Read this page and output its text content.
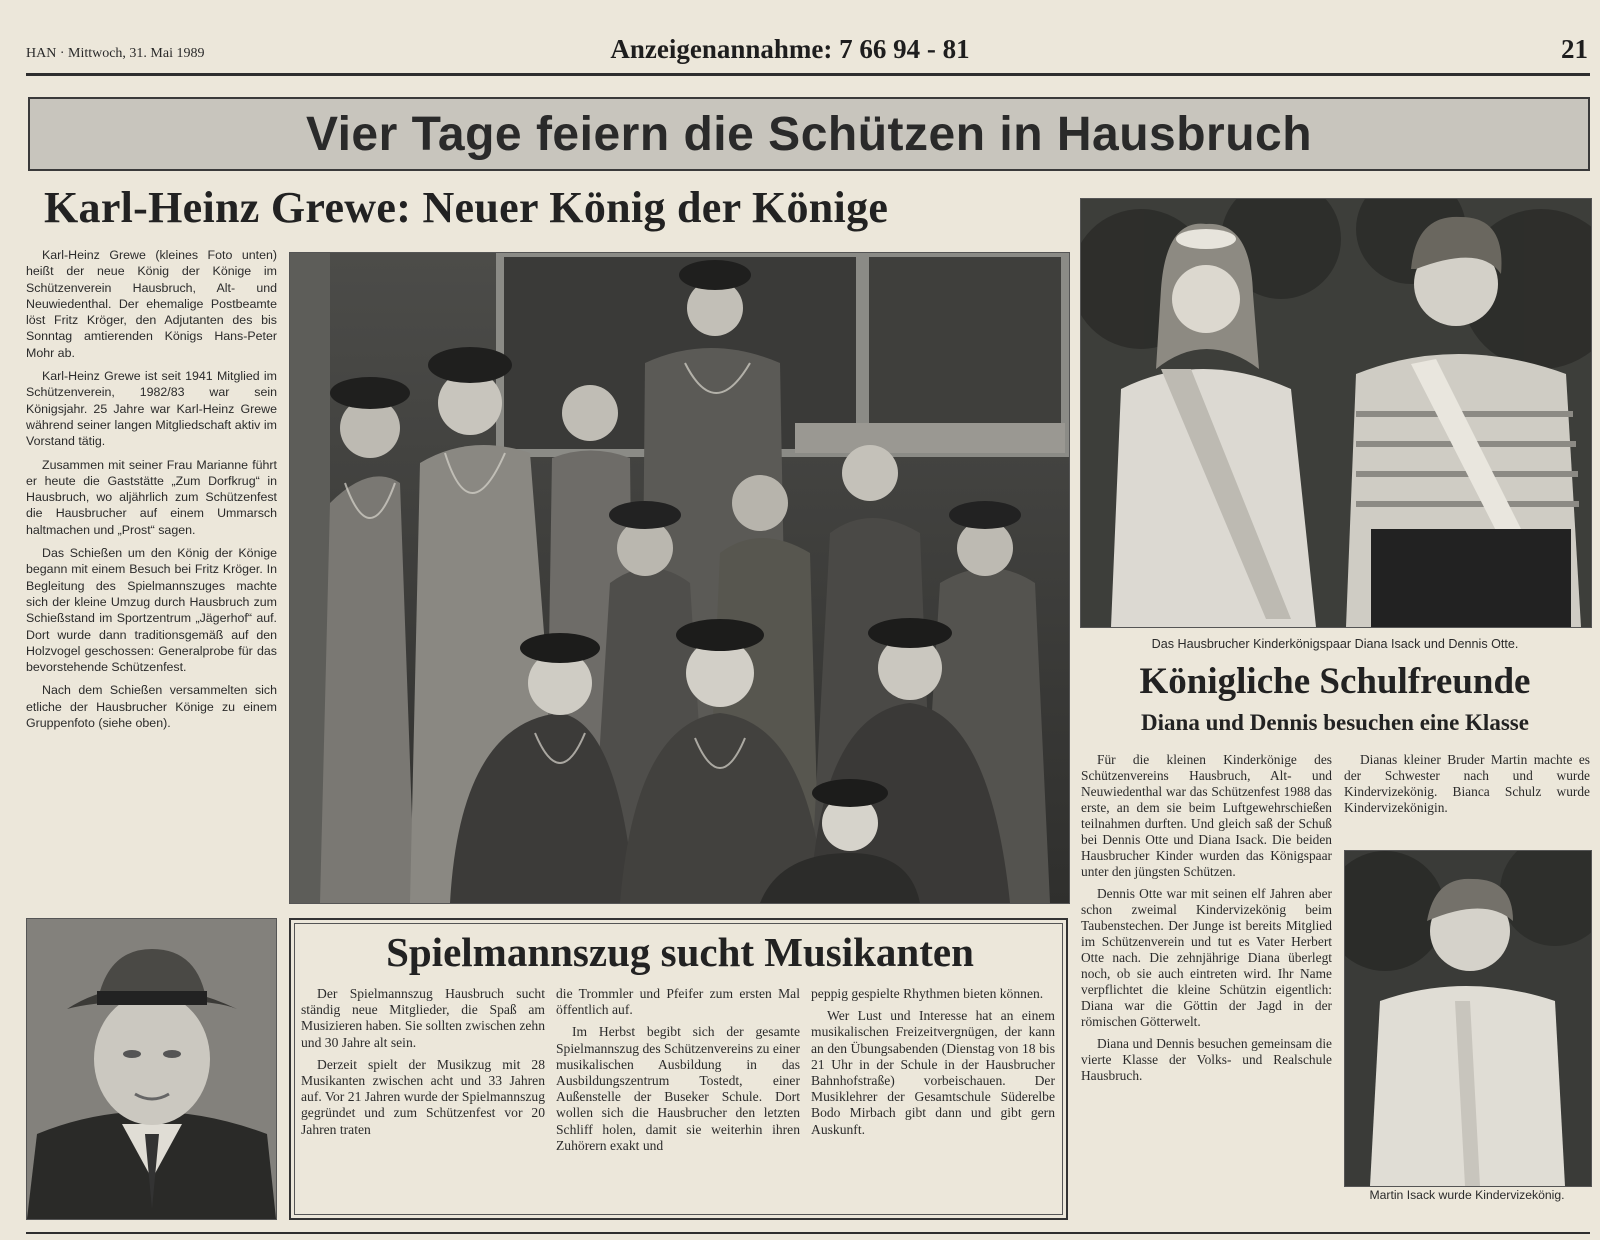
HAN · Mittwoch, 31. Mai 1989	Anzeigenannahme: 7 66 94 - 81	21
Vier Tage feiern die Schützen in Hausbruch
Karl-Heinz Grewe: Neuer König der Könige

Karl-Heinz Grewe (kleines Foto unten) heißt der neue König der Könige im Schützenverein Hausbruch, Alt- und Neuwiedenthal. Der ehemalige Postbeamte löst Fritz Kröger, den Adjutanten des bis Sonntag amtierenden Königs Hans-Peter Mohr ab.

Karl-Heinz Grewe ist seit 1941 Mitglied im Schützenverein, 1982/83 war sein Königsjahr. 25 Jahre war Karl-Heinz Grewe während seiner langen Mitgliedschaft aktiv im Vorstand tätig.

Zusammen mit seiner Frau Marianne führt er heute die Gaststätte „Zum Dorfkrug“ in Hausbruch, wo aljährlich zum Schützenfest die Hausbrucher auf einem Ummarsch haltmachen und „Prost“ sagen.

Das Schießen um den König der Könige begann mit einem Besuch bei Fritz Kröger. In Begleitung des Spielmannszuges machte sich der kleine Umzug durch Hausbruch zum Schießstand im Sportzentrum „Jägerhof“ auf. Dort wurde dann traditionsgemäß auf den Holzvogel geschossen: Generalprobe für das bevorstehende Schützenfest.

Nach dem Schießen versammelten sich etliche der Hausbrucher Könige zu einem Gruppenfoto (siehe oben).

Das Hausbrucher Kinderkönigspaar Diana Isack und Dennis Otte.
Königliche Schulfreunde
Diana und Dennis besuchen eine Klasse

Für die kleinen Kinderkönige des Schützenvereins Hausbruch, Alt- und Neuwiedenthal war das Schützenfest 1988 das erste, an dem sie beim Luftgewehrschießen teilnahmen durften. Und gleich saß der Schuß bei Dennis Otte und Diana Isack. Die beiden Hausbrucher Kinder wurden das Königspaar unter den jüngsten Schützen.

Dennis Otte war mit seinen elf Jahren aber schon zweimal Kindervizekönig beim Taubenstechen. Der Junge ist bereits Mitglied im Schützenverein und tut es Vater Herbert Otte nach. Die zehnjährige Diana überlegt noch, ob sie auch eintreten wird. Ihr Name verpflichtet die kleine Schützin eigentlich: Diana war die Göttin der Jagd in der römischen Götterwelt.

Diana und Dennis besuchen gemeinsam die vierte Klasse der Volks- und Realschule Hausbruch.

Dianas kleiner Bruder Martin machte es der Schwester nach und wurde Kindervizekönig. Bianca Schulz wurde Kindervizekönigin.

Martin Isack wurde Kindervizekönig.
Spielmannszug sucht Musikanten

Der Spielmannszug Hausbruch sucht ständig neue Mitglieder, die Spaß am Musizieren haben. Sie sollten zwischen zehn und 30 Jahre alt sein.

Derzeit spielt der Musikzug mit 28 Musikanten zwischen acht und 33 Jahren auf. Vor 21 Jahren wurde der Spielmannszug gegründet und zum Schützenfest vor 20 Jahren traten

die Trommler und Pfeifer zum ersten Mal öffentlich auf.

Im Herbst begibt sich der gesamte Spielmannszug des Schützenvereins zu einer musikalischen Ausbildung in das Ausbildungszentrum Tostedt, einer Außenstelle der Buseker Schule. Dort wollen sich die Hausbrucher den letzten Schliff holen, damit sie weiterhin ihren Zuhörern exakt und

peppig gespielte Rhythmen bieten können.

Wer Lust und Interesse hat an einem musikalischen Freizeitvergnügen, der kann an den Übungsabenden (Dienstag von 18 bis 21 Uhr in der Schule in der Hausbrucher Bahnhofstraße) vorbeischauen. Der Musiklehrer der Gesamtschule Süderelbe Bodo Mirbach gibt dann und gibt gern Auskunft.
